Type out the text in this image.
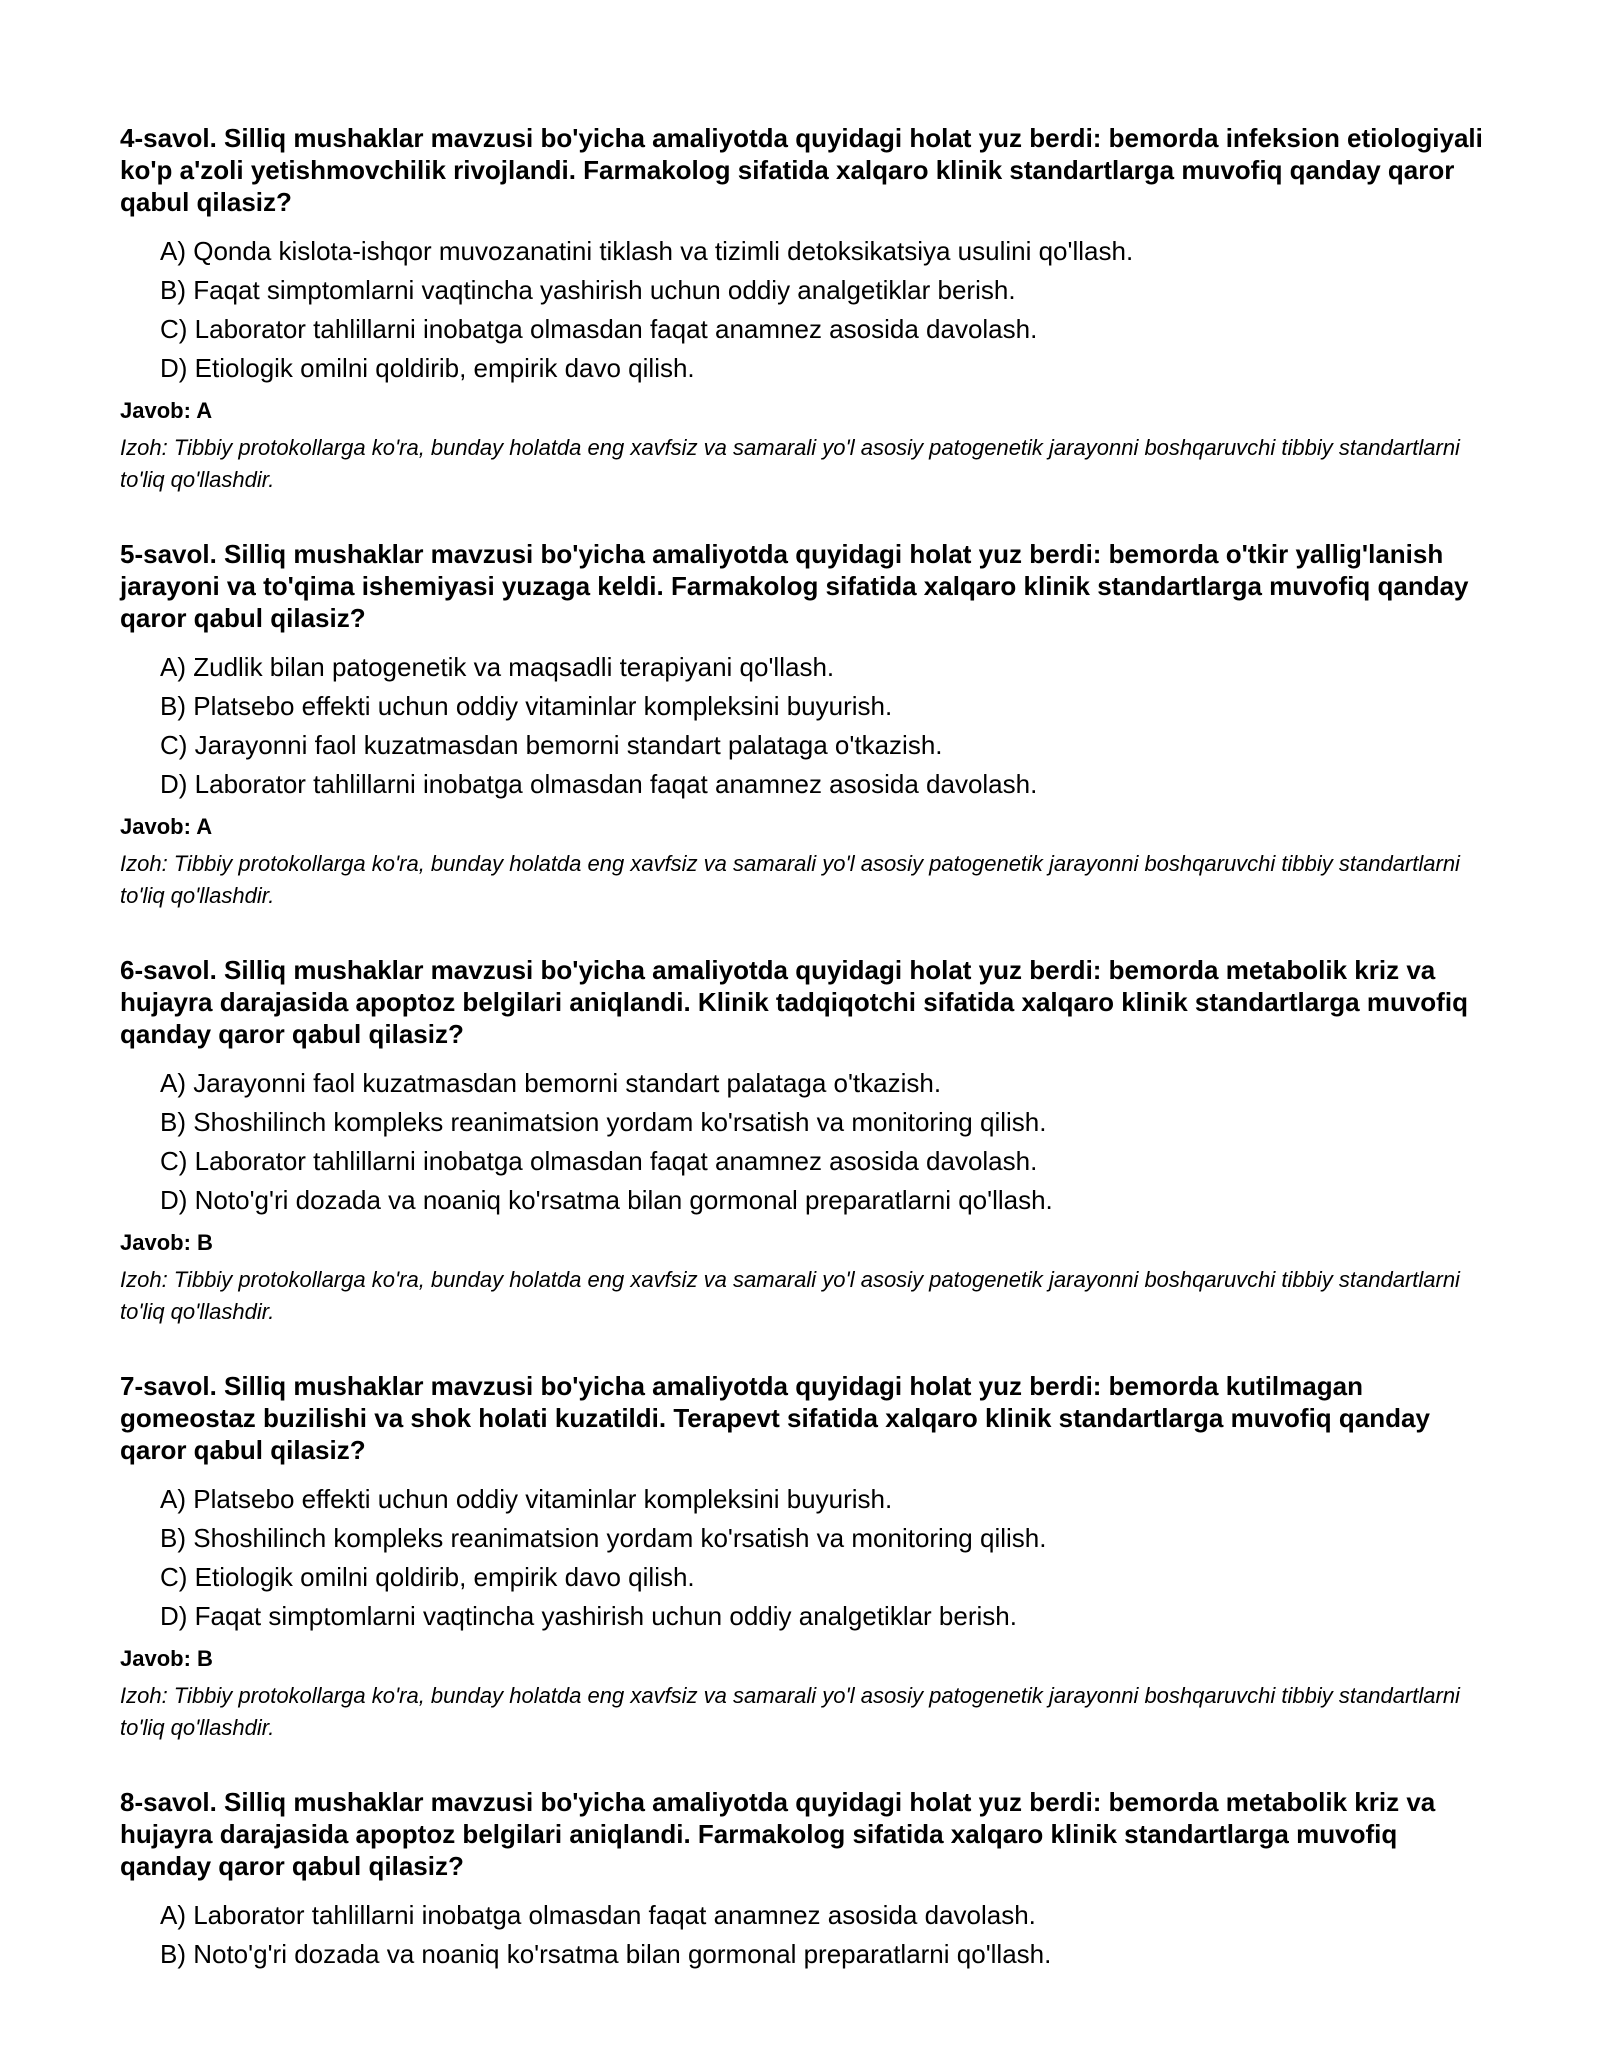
4-savol. Silliq mushaklar mavzusi bo'yicha amaliyotda quyidagi holat yuz berdi: bemorda infeksion etiologiyali ko'p a'zoli yetishmovchilik rivojlandi. Farmakolog sifatida xalqaro klinik standartlarga muvofiq qanday qaror qabul qilasiz?

A) Qonda kislota-ishqor muvozanatini tiklash va tizimli detoksikatsiya usulini qo'llash.
B) Faqat simptomlarni vaqtincha yashirish uchun oddiy analgetiklar berish.
C) Laborator tahlillarni inobatga olmasdan faqat anamnez asosida davolash.
D) Etiologik omilni qoldirib, empirik davo qilish.

Javob: A

Izoh: Tibbiy protokollarga ko'ra, bunday holatda eng xavfsiz va samarali yo'l asosiy patogenetik jarayonni boshqaruvchi tibbiy standartlarni to'liq qo'llashdir.

5-savol. Silliq mushaklar mavzusi bo'yicha amaliyotda quyidagi holat yuz berdi: bemorda o'tkir yallig'lanish jarayoni va to'qima ishemiyasi yuzaga keldi. Farmakolog sifatida xalqaro klinik standartlarga muvofiq qanday qaror qabul qilasiz?

A) Zudlik bilan patogenetik va maqsadli terapiyani qo'llash.
B) Platsebo effekti uchun oddiy vitaminlar kompleksini buyurish.
C) Jarayonni faol kuzatmasdan bemorni standart palataga o'tkazish.
D) Laborator tahlillarni inobatga olmasdan faqat anamnez asosida davolash.

Javob: A

Izoh: Tibbiy protokollarga ko'ra, bunday holatda eng xavfsiz va samarali yo'l asosiy patogenetik jarayonni boshqaruvchi tibbiy standartlarni to'liq qo'llashdir.

6-savol. Silliq mushaklar mavzusi bo'yicha amaliyotda quyidagi holat yuz berdi: bemorda metabolik kriz va hujayra darajasida apoptoz belgilari aniqlandi. Klinik tadqiqotchi sifatida xalqaro klinik standartlarga muvofiq qanday qaror qabul qilasiz?

A) Jarayonni faol kuzatmasdan bemorni standart palataga o'tkazish.
B) Shoshilinch kompleks reanimatsion yordam ko'rsatish va monitoring qilish.
C) Laborator tahlillarni inobatga olmasdan faqat anamnez asosida davolash.
D) Noto'g'ri dozada va noaniq ko'rsatma bilan gormonal preparatlarni qo'llash.

Javob: B

Izoh: Tibbiy protokollarga ko'ra, bunday holatda eng xavfsiz va samarali yo'l asosiy patogenetik jarayonni boshqaruvchi tibbiy standartlarni to'liq qo'llashdir.

7-savol. Silliq mushaklar mavzusi bo'yicha amaliyotda quyidagi holat yuz berdi: bemorda kutilmagan gomeostaz buzilishi va shok holati kuzatildi. Terapevt sifatida xalqaro klinik standartlarga muvofiq qanday qaror qabul qilasiz?

A) Platsebo effekti uchun oddiy vitaminlar kompleksini buyurish.
B) Shoshilinch kompleks reanimatsion yordam ko'rsatish va monitoring qilish.
C) Etiologik omilni qoldirib, empirik davo qilish.
D) Faqat simptomlarni vaqtincha yashirish uchun oddiy analgetiklar berish.

Javob: B

Izoh: Tibbiy protokollarga ko'ra, bunday holatda eng xavfsiz va samarali yo'l asosiy patogenetik jarayonni boshqaruvchi tibbiy standartlarni to'liq qo'llashdir.

8-savol. Silliq mushaklar mavzusi bo'yicha amaliyotda quyidagi holat yuz berdi: bemorda metabolik kriz va hujayra darajasida apoptoz belgilari aniqlandi. Farmakolog sifatida xalqaro klinik standartlarga muvofiq qanday qaror qabul qilasiz?

A) Laborator tahlillarni inobatga olmasdan faqat anamnez asosida davolash.
B) Noto'g'ri dozada va noaniq ko'rsatma bilan gormonal preparatlarni qo'llash.
